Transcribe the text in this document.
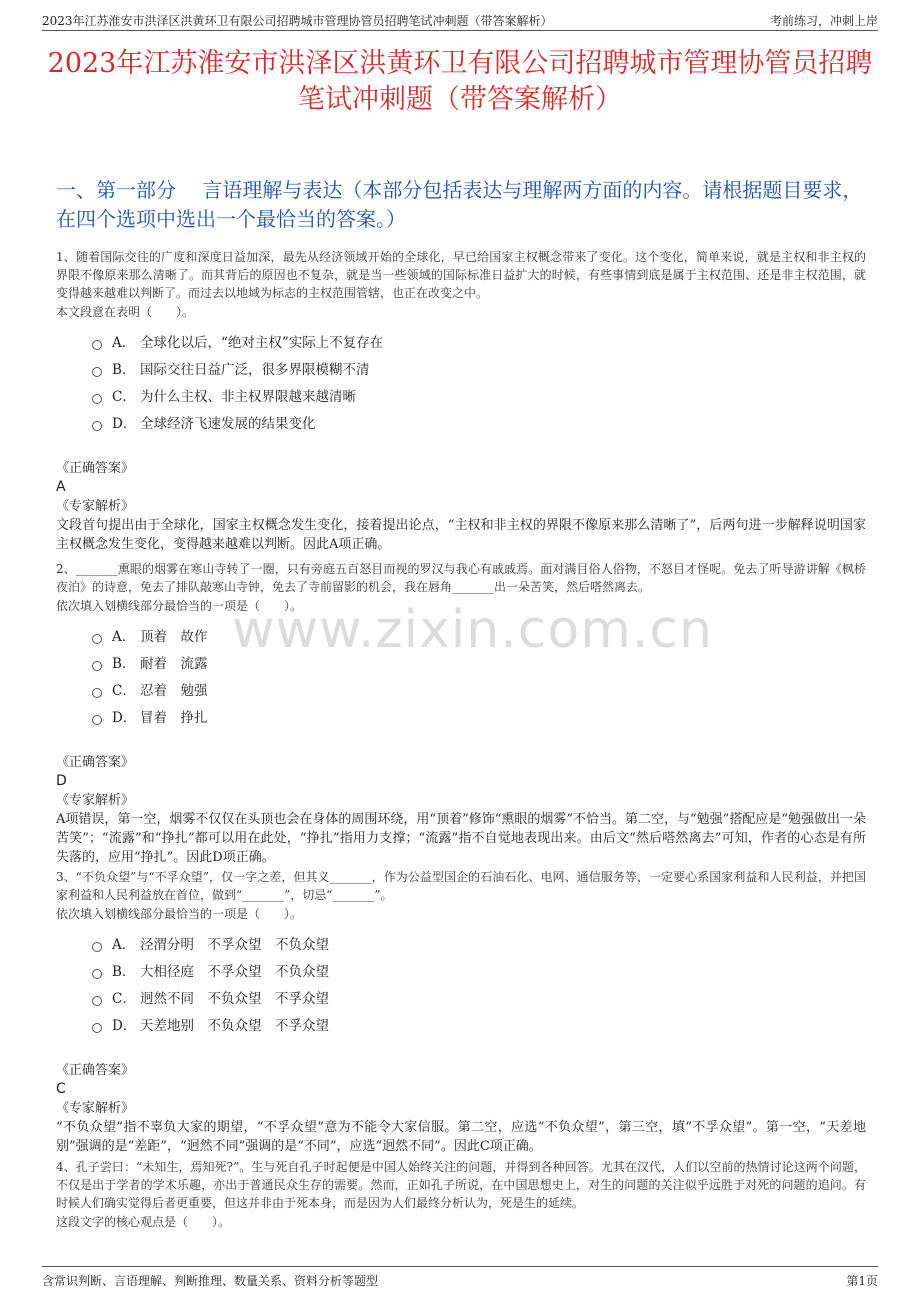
2023年江苏淮安市洪泽区洪黄环卫有限公司招聘城市管理协管员招聘笔试冲刺题（带答案解析）	考前练习，冲刺上岸
2023年江苏淮安市洪泽区洪黄环卫有限公司招聘城市管理协管员招聘笔试冲刺题（带答案解析）
一、第一部分　 言语理解与表达（本部分包括表达与理解两方面的内容。请根据题目要求，在四个选项中选出一个最恰当的答案。）
www.zixin.com.cn
1、随着国际交往的广度和深度日益加深，最先从经济领域开始的全球化，早已给国家主权概念带来了变化。这个变化，简单来说，就是主权和非主权的界限不像原来那么清晰了。而其背后的原因也不复杂，就是当一些领域的国际标准日益扩大的时候，有些事情到底是属于主权范围、还是非主权范围，就变得越来越难以判断了。而过去以地域为标志的主权范围管辖，也正在改变之中。
本文段意在表明（　　）。
A． 全球化以后，“绝对主权”实际上不复存在
B． 国际交往日益广泛，很多界限模糊不清
C． 为什么主权、非主权界限越来越清晰
D． 全球经济飞速发展的结果变化
《正确答案》
A
《专家解析》
文段首句提出由于全球化，国家主权概念发生变化，接着提出论点，“主权和非主权的界限不像原来那么清晰了”，后两句进一步解释说明国家主权概念发生变化，变得越来越难以判断。因此A项正确。
2、_______熏眼的烟雾在寒山寺转了一圈，只有旁庭五百怒目而视的罗汉与我心有戚戚焉。面对满目俗人俗物，不怒目才怪呢。免去了听导游讲解《枫桥夜泊》的诗意，免去了排队敲寒山寺钟，免去了寺前留影的机会，我在唇角_______出一朵苦笑，然后嗒然离去。
依次填入划横线部分最恰当的一项是（　　）。
A． 顶着　故作
B． 耐着　流露
C． 忍着　勉强
D． 冒着　挣扎
《正确答案》
D
《专家解析》
A项错误，第一空，烟雾不仅仅在头顶也会在身体的周围环绕，用“顶着”修饰“熏眼的烟雾”不恰当。第二空，与“勉强”搭配应是“勉强做出一朵苦笑”；“流露”和“挣扎”都可以用在此处，“挣扎”指用力支撑；“流露”指不自觉地表现出来。由后文“然后嗒然离去”可知，作者的心态是有所失落的，应用“挣扎”。因此D项正确。
3、“不负众望”与“不孚众望”，仅一字之差，但其义_______，作为公益型国企的石油石化、电网、通信服务等，一定要心系国家利益和人民利益，并把国家利益和人民利益放在首位，做到“_______”，切忌“_______”。
依次填入划横线部分最恰当的一项是（　　）。
A． 泾渭分明　不孚众望　不负众望
B． 大相径庭　不孚众望　不负众望
C． 迥然不同　不负众望　不孚众望
D． 天差地别　不负众望　不孚众望
《正确答案》
C
《专家解析》
“不负众望”指不辜负大家的期望，“不孚众望”意为不能令大家信服。第二空，应选“不负众望”，第三空，填“不孚众望”。第一空，“天差地别”强调的是“差距”，“迥然不同”强调的是“不同”，应选“迥然不同”。因此C项正确。
4、孔子尝曰：“未知生，焉知死?”。生与死自孔子时起便是中国人始终关注的问题，并得到各种回答。尤其在汉代，人们以空前的热情讨论这两个问题，不仅是出于学者的学术乐趣，亦出于普通民众生存的需要。然而，正如孔子所说，在中国思想史上，对生的问题的关注似乎远胜于对死的问题的追问。有时候人们确实觉得后者更重要，但这并非由于死本身，而是因为人们最终分析认为，死是生的延续。
这段文字的核心观点是（　　）。
含常识判断、言语理解、判断推理、数量关系、资料分析等题型	第1页
